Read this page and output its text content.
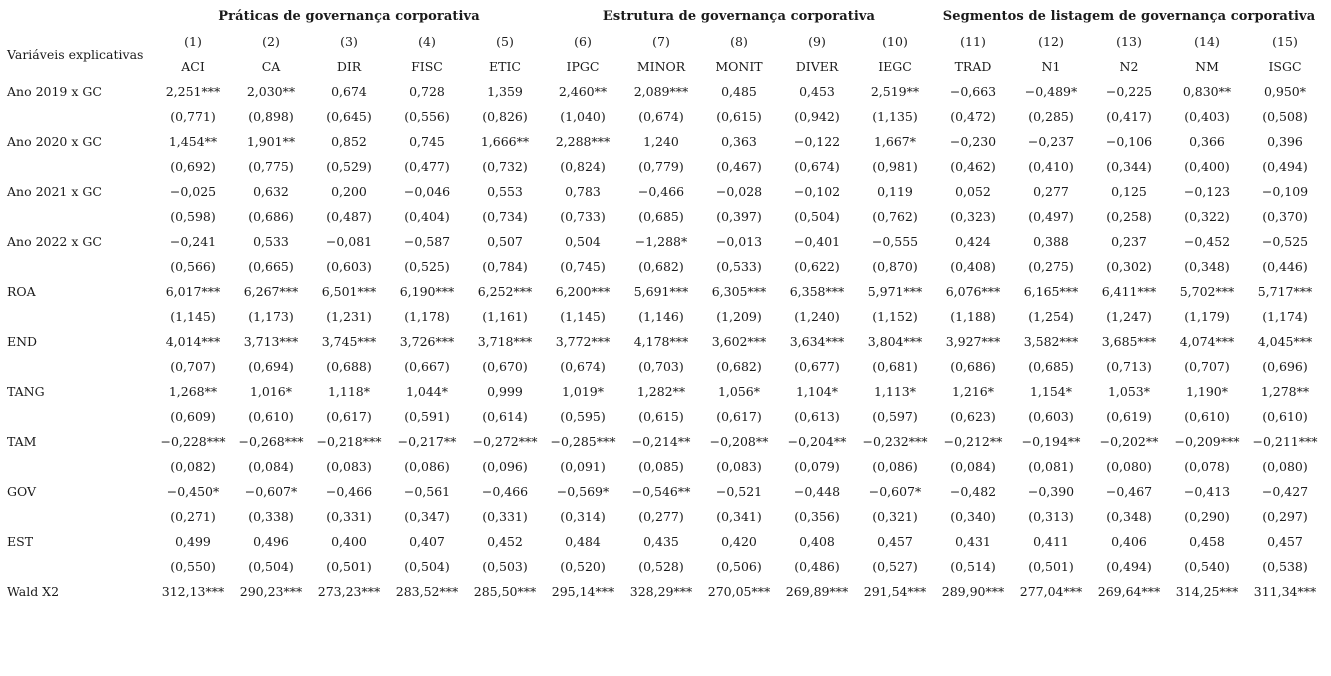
	Práticas de governança corporativa					Estrutura de governança corporativa					Segmentos de listagem de governança corporativa				
Variáveis explicativas	(1)	(2)	(3)	(4)	(5)	(6)	(7)	(8)	(9)	(10)	(11)	(12)	(13)	(14)	(15)
	ACI	CA	DIR	FISC	ETIC	IPGC	MINOR	MONIT	DIVER	IEGC	TRAD	N1	N2	NM	ISGC
Ano 2019 x GC	2,251***	2,030**	0,674	0,728	1,359	2,460**	2,089***	0,485	0,453	2,519**	−0,663	−0,489*	−0,225	0,830**	0,950*
	(0,771)	(0,898)	(0,645)	(0,556)	(0,826)	(1,040)	(0,674)	(0,615)	(0,942)	(1,135)	(0,472)	(0,285)	(0,417)	(0,403)	(0,508)
Ano 2020 x GC	1,454**	1,901**	0,852	0,745	1,666**	2,288***	1,240	0,363	−0,122	1,667*	−0,230	−0,237	−0,106	0,366	0,396
	(0,692)	(0,775)	(0,529)	(0,477)	(0,732)	(0,824)	(0,779)	(0,467)	(0,674)	(0,981)	(0,462)	(0,410)	(0,344)	(0,400)	(0,494)
Ano 2021 x GC	−0,025	0,632	0,200	−0,046	0,553	0,783	−0,466	−0,028	−0,102	0,119	0,052	0,277	0,125	−0,123	−0,109
	(0,598)	(0,686)	(0,487)	(0,404)	(0,734)	(0,733)	(0,685)	(0,397)	(0,504)	(0,762)	(0,323)	(0,497)	(0,258)	(0,322)	(0,370)
Ano 2022 x GC	−0,241	0,533	−0,081	−0,587	0,507	0,504	−1,288*	−0,013	−0,401	−0,555	0,424	0,388	0,237	−0,452	−0,525
	(0,566)	(0,665)	(0,603)	(0,525)	(0,784)	(0,745)	(0,682)	(0,533)	(0,622)	(0,870)	(0,408)	(0,275)	(0,302)	(0,348)	(0,446)
ROA	6,017***	6,267***	6,501***	6,190***	6,252***	6,200***	5,691***	6,305***	6,358***	5,971***	6,076***	6,165***	6,411***	5,702***	5,717***
	(1,145)	(1,173)	(1,231)	(1,178)	(1,161)	(1,145)	(1,146)	(1,209)	(1,240)	(1,152)	(1,188)	(1,254)	(1,247)	(1,179)	(1,174)
END	4,014***	3,713***	3,745***	3,726***	3,718***	3,772***	4,178***	3,602***	3,634***	3,804***	3,927***	3,582***	3,685***	4,074***	4,045***
	(0,707)	(0,694)	(0,688)	(0,667)	(0,670)	(0,674)	(0,703)	(0,682)	(0,677)	(0,681)	(0,686)	(0,685)	(0,713)	(0,707)	(0,696)
TANG	1,268**	1,016*	1,118*	1,044*	0,999	1,019*	1,282**	1,056*	1,104*	1,113*	1,216*	1,154*	1,053*	1,190*	1,278**
	(0,609)	(0,610)	(0,617)	(0,591)	(0,614)	(0,595)	(0,615)	(0,617)	(0,613)	(0,597)	(0,623)	(0,603)	(0,619)	(0,610)	(0,610)
TAM	−0,228***	−0,268***	−0,218***	−0,217**	−0,272***	−0,285***	−0,214**	−0,208**	−0,204**	−0,232***	−0,212**	−0,194**	−0,202**	−0,209***	−0,211***
	(0,082)	(0,084)	(0,083)	(0,086)	(0,096)	(0,091)	(0,085)	(0,083)	(0,079)	(0,086)	(0,084)	(0,081)	(0,080)	(0,078)	(0,080)
GOV	−0,450*	−0,607*	−0,466	−0,561	−0,466	−0,569*	−0,546**	−0,521	−0,448	−0,607*	−0,482	−0,390	−0,467	−0,413	−0,427
	(0,271)	(0,338)	(0,331)	(0,347)	(0,331)	(0,314)	(0,277)	(0,341)	(0,356)	(0,321)	(0,340)	(0,313)	(0,348)	(0,290)	(0,297)
EST	0,499	0,496	0,400	0,407	0,452	0,484	0,435	0,420	0,408	0,457	0,431	0,411	0,406	0,458	0,457
	(0,550)	(0,504)	(0,501)	(0,504)	(0,503)	(0,520)	(0,528)	(0,506)	(0,486)	(0,527)	(0,514)	(0,501)	(0,494)	(0,540)	(0,538)
Wald X2	312,13***	290,23***	273,23***	283,52***	285,50***	295,14***	328,29***	270,05***	269,89***	291,54***	289,90***	277,04***	269,64***	314,25***	311,34***
